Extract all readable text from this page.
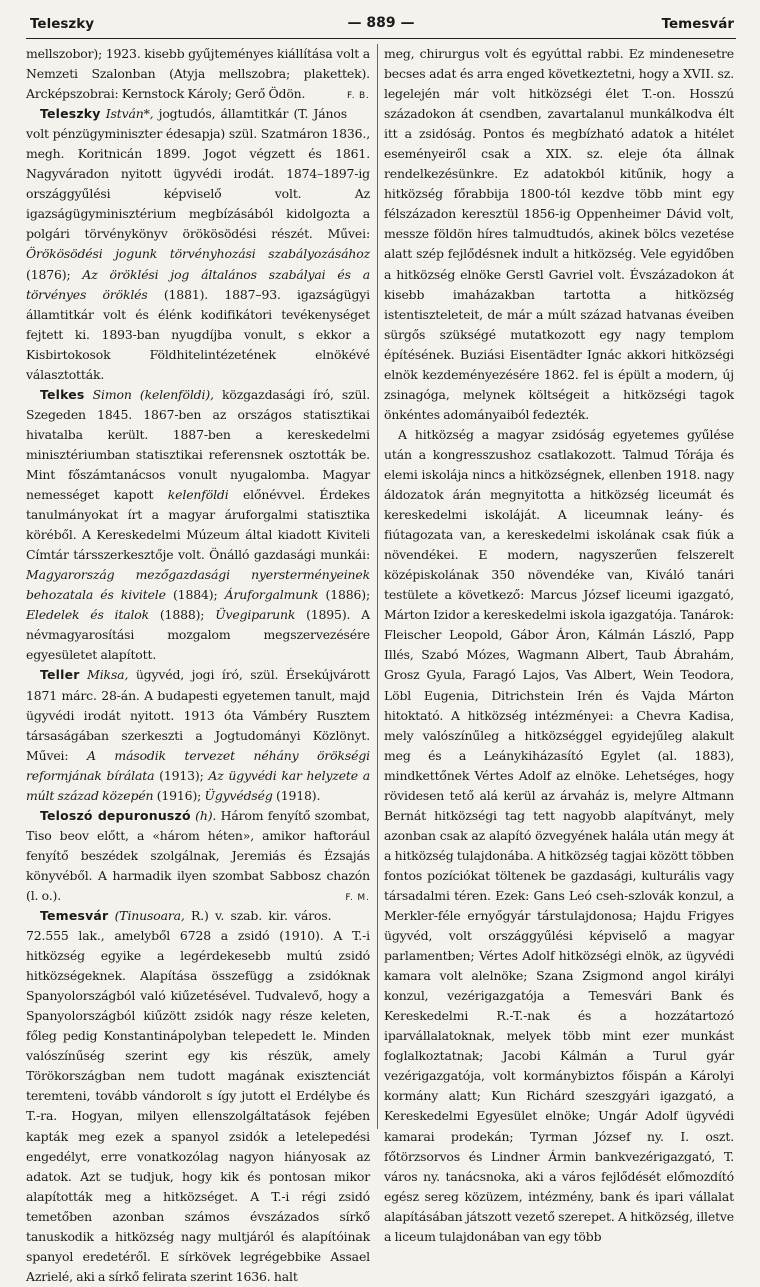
Teleszky	— 889 —	Temesvár

mellszobor); 1923. kisebb gyűjteményes kiállítása volt a Nemzeti Szalonban (Atyja mellszobra; plakettek). Arcképszobrai: Kernstock Károly; Gerő Ödön.	F. B.

Teleszky István*, jogtudós, államtitkár (T. János volt pénzügyminiszter édesapja) szül. Szatmáron 1836., megh. Koritnicán 1899. Jogot végzett és 1861. Nagyváradon nyitott ügyvédi irodát. 1874–1897-ig országgyűlési képviselő volt. Az igazságügyminisztérium megbízásából kidolgozta a polgári törvénykönyv örökösödési részét. Művei: Örökösödési jogunk törvényhozási szabályozásához (1876); Az öröklési jog általános szabályai és a törvényes öröklés (1881). 1887–93. igazságügyi államtitkár volt és élénk kodifikátori tevékenységet fejtett ki. 1893-ban nyugdíjba vonult, s ekkor a Kisbirtokosok Földhitelintézetének elnökévé választották.

Telkes Simon (kelenföldi), közgazdasági író, szül. Szegeden 1845. 1867-ben az országos statisztikai hivatalba került. 1887-ben a kereskedelmi minisztériumban statisztikai referensnek osztották be. Mint főszámtanácsos vonult nyugalomba. Magyar nemességet kapott kelenföldi előnévvel. Érdekes tanulmányokat írt a magyar áruforgalmi statisztika köréből. A Kereskedelmi Múzeum által kiadott Kiviteli Címtár társszerkesztője volt. Önálló gazdasági munkái: Magyarország mezőgazdasági nyersterményeinek behozatala és kivitele (1884); Áruforgalmunk (1886); Eledelek és italok (1888); Üvegiparunk (1895). A névmagyarosítási mozgalom megszervezésére egyesületet alapított.

Teller Miksa, ügyvéd, jogi író, szül. Érsekújvárott 1871 márc. 28-án. A budapesti egyetemen tanult, majd ügyvédi irodát nyitott. 1913 óta Vámbéry Rusztem társaságában szerkeszti a Jogtudományi Közlönyt. Művei: A második tervezet néhány örökségi reformjának bírálata (1913); Az ügyvédi kar helyzete a múlt század közepén (1916); Ügyvédség (1918).

Teloszó depuronuszó (h). Három fenyítő szombat, Tiso beov előtt, a «három héten», amikor haftorául fenyítő beszédek szolgálnak, Jeremiás és Ézsajás könyvéből. A harmadik ilyen szombat Sabbosz chazón (l. o.).	F. M.

Temesvár (Tinusoara, R.) v. szab. kir. város. 72.555 lak., amelyből 6728 a zsidó (1910). A T.-i hitközség egyike a legérdekesebb multú zsidó hitközségeknek. Alapítása összefügg a zsidóknak Spanyolországból való kiűzetésével. Tudvalevő, hogy a Spanyolországból kiűzött zsidók nagy része keleten, főleg pedig Konstantinápolyban telepedett le. Minden valószínűség szerint egy kis részük, amely Törökországban nem tudott magának exisztenciát teremteni, tovább vándorolt s így jutott el Erdélybe és T.-ra. Hogyan, milyen ellenszolgáltatások fejében kapták meg ezek a spanyol zsidók a letelepedési engedélyt, erre vonatkozólag nagyon hiányosak az adatok. Azt se tudjuk, hogy kik és pontosan mikor alapították meg a hitközséget. A T.-i régi zsidó temetőben azonban számos évszázados sírkő tanuskodik a hitközség nagy multjáról és alapítóinak spanyol eredetéről. E sírkövek legrégebbike Assael Azrielé, aki a sírkő felirata szerint 1636. halt

meg, chirurgus volt és egyúttal rabbi. Ez mindenesetre becses adat és arra enged következtetni, hogy a XVII. sz. legelején már volt hitközségi élet T.-on. Hosszú századokon át csendben, zavartalanul munkálkodva élt itt a zsidóság. Pontos és megbízható adatok a hitélet eseményeiről csak a XIX. sz. eleje óta állnak rendelkezésünkre. Ez adatokból kitűnik, hogy a hitközség főrabbija 1800-tól kezdve több mint egy félszázadon keresztül 1856-ig Oppenheimer Dávid volt, messze földön híres talmudtudós, akinek bölcs vezetése alatt szép fejlődésnek indult a hitközség. Vele egyidőben a hitközség elnöke Gerstl Gavriel volt. Évszázadokon át kisebb imaházakban tartotta a hitközség istentiszteleteit, de már a múlt század hatvanas éveiben sürgős szükségé mutatkozott egy nagy templom építésének. Buziási Eisentädter Ignác akkori hitközségi elnök kezdeményezésére 1862. fel is épült a modern, új zsinagóga, melynek költségeit a hitközségi tagok önkéntes adományaiból fedezték.

A hitközség a magyar zsidóság egyetemes gyűlése után a kongresszushoz csatlakozott. Talmud Tórája és elemi iskolája nincs a hitközségnek, ellenben 1918. nagy áldozatok árán megnyitotta a hitközség liceumát és kereskedelmi iskoláját. A liceumnak leány- és fiútagozata van, a kereskedelmi iskolának csak fiúk a növendékei. E modern, nagyszerűen felszerelt középiskolának 350 növendéke van, Kiváló tanári testülete a következő: Marcus József liceumi igazgató, Márton Izidor a kereskedelmi iskola igazgatója. Tanárok: Fleischer Leopold, Gábor Áron, Kálmán László, Papp Illés, Szabó Mózes, Wagmann Albert, Taub Ábrahám, Grosz Gyula, Faragó Lajos, Vas Albert, Wein Teodora, Löbl Eugenia, Ditrichstein Irén és Vajda Márton hitoktató. A hitközség intézményei: a Chevra Kadisa, mely valószínűleg a hitközséggel egyidejűleg alakult meg és a Leánykiházasító Egylet (al. 1883), mindkettőnek Vértes Adolf az elnöke. Lehetséges, hogy rövidesen tető alá kerül az árvaház is, melyre Altmann Bernát hitközségi tag tett nagyobb alapítványt, mely azonban csak az alapító özvegyének halála után megy át a hitközség tulajdonába. A hitközség tagjai között többen fontos pozíciókat töltenek be gazdasági, kulturális vagy társadalmi téren. Ezek: Gans Leó cseh-szlovák konzul, a Merkler-féle ernyőgyár társtulajdonosa; Hajdu Frigyes ügyvéd, volt országgyűlési képviselő a magyar parlamentben; Vértes Adolf hitközségi elnök, az ügyvédi kamara volt alelnöke; Szana Zsigmond angol királyi konzul, vezérigazgatója a Temesvári Bank és Kereskedelmi R.-T.-nak és a hozzátartozó iparvállalatoknak, melyek több mint ezer munkást foglalkoztatnak; Jacobi Kálmán a Turul gyár vezérigazgatója, volt kormánybiztos főispán a Károlyi kormány alatt; Kun Richárd szeszgyári igazgató, a Kereskedelmi Egyesület elnöke; Ungár Adolf ügyvédi kamarai prodekán; Tyrman József ny. I. oszt. főtörzsorvos és Lindner Ármin bankvezérigazgató, T. város ny. tanácsnoka, aki a város fejlődését előmozdító egész sereg közüzem, intézmény, bank és ipari vállalat alapításában játszott vezető szerepet. A hitközség, illetve a liceum tulajdonában van egy több
